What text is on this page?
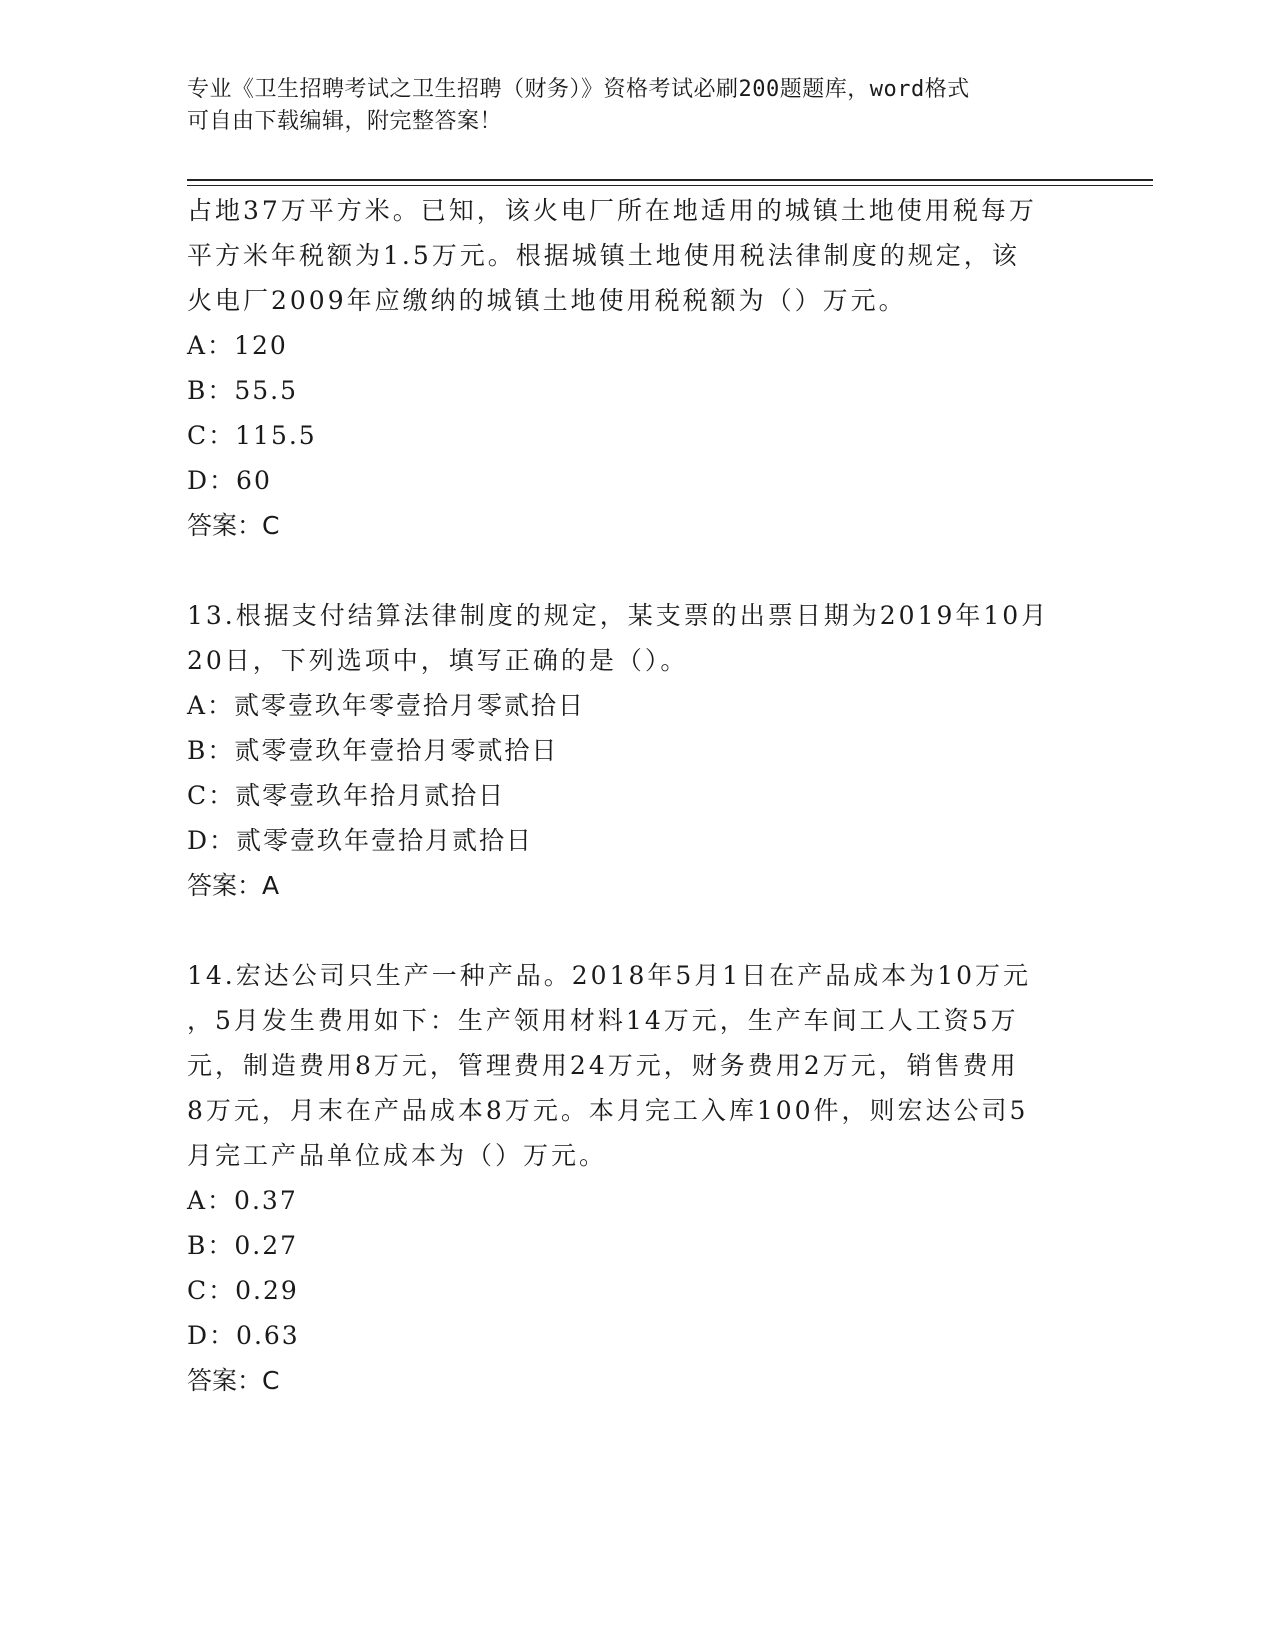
专业《卫生招聘考试之卫生招聘（财务）》资格考试必刷200题题库，word格式
可自由下载编辑，附完整答案！

占地37万平方米。已知，该火电厂所在地适用的城镇土地使用税每万

平方米年税额为1.5万元。根据城镇土地使用税法律制度的规定，该

火电厂2009年应缴纳的城镇土地使用税税额为（）万元。

A：120

B：55.5

C：115.5

D：60

答案：C

13.根据支付结算法律制度的规定，某支票的出票日期为2019年10月

20日，下列选项中，填写正确的是（）。

A：贰零壹玖年零壹拾月零贰拾日

B：贰零壹玖年壹拾月零贰拾日

C：贰零壹玖年拾月贰拾日

D：贰零壹玖年壹拾月贰拾日

答案：A

14.宏达公司只生产一种产品。2018年5月1日在产品成本为10万元

，5月发生费用如下：生产领用材料14万元，生产车间工人工资5万

元，制造费用8万元，管理费用24万元，财务费用2万元，销售费用

8万元，月末在产品成本8万元。本月完工入库100件，则宏达公司5

月完工产品单位成本为（）万元。

A：0.37

B：0.27

C：0.29

D：0.63

答案：C
